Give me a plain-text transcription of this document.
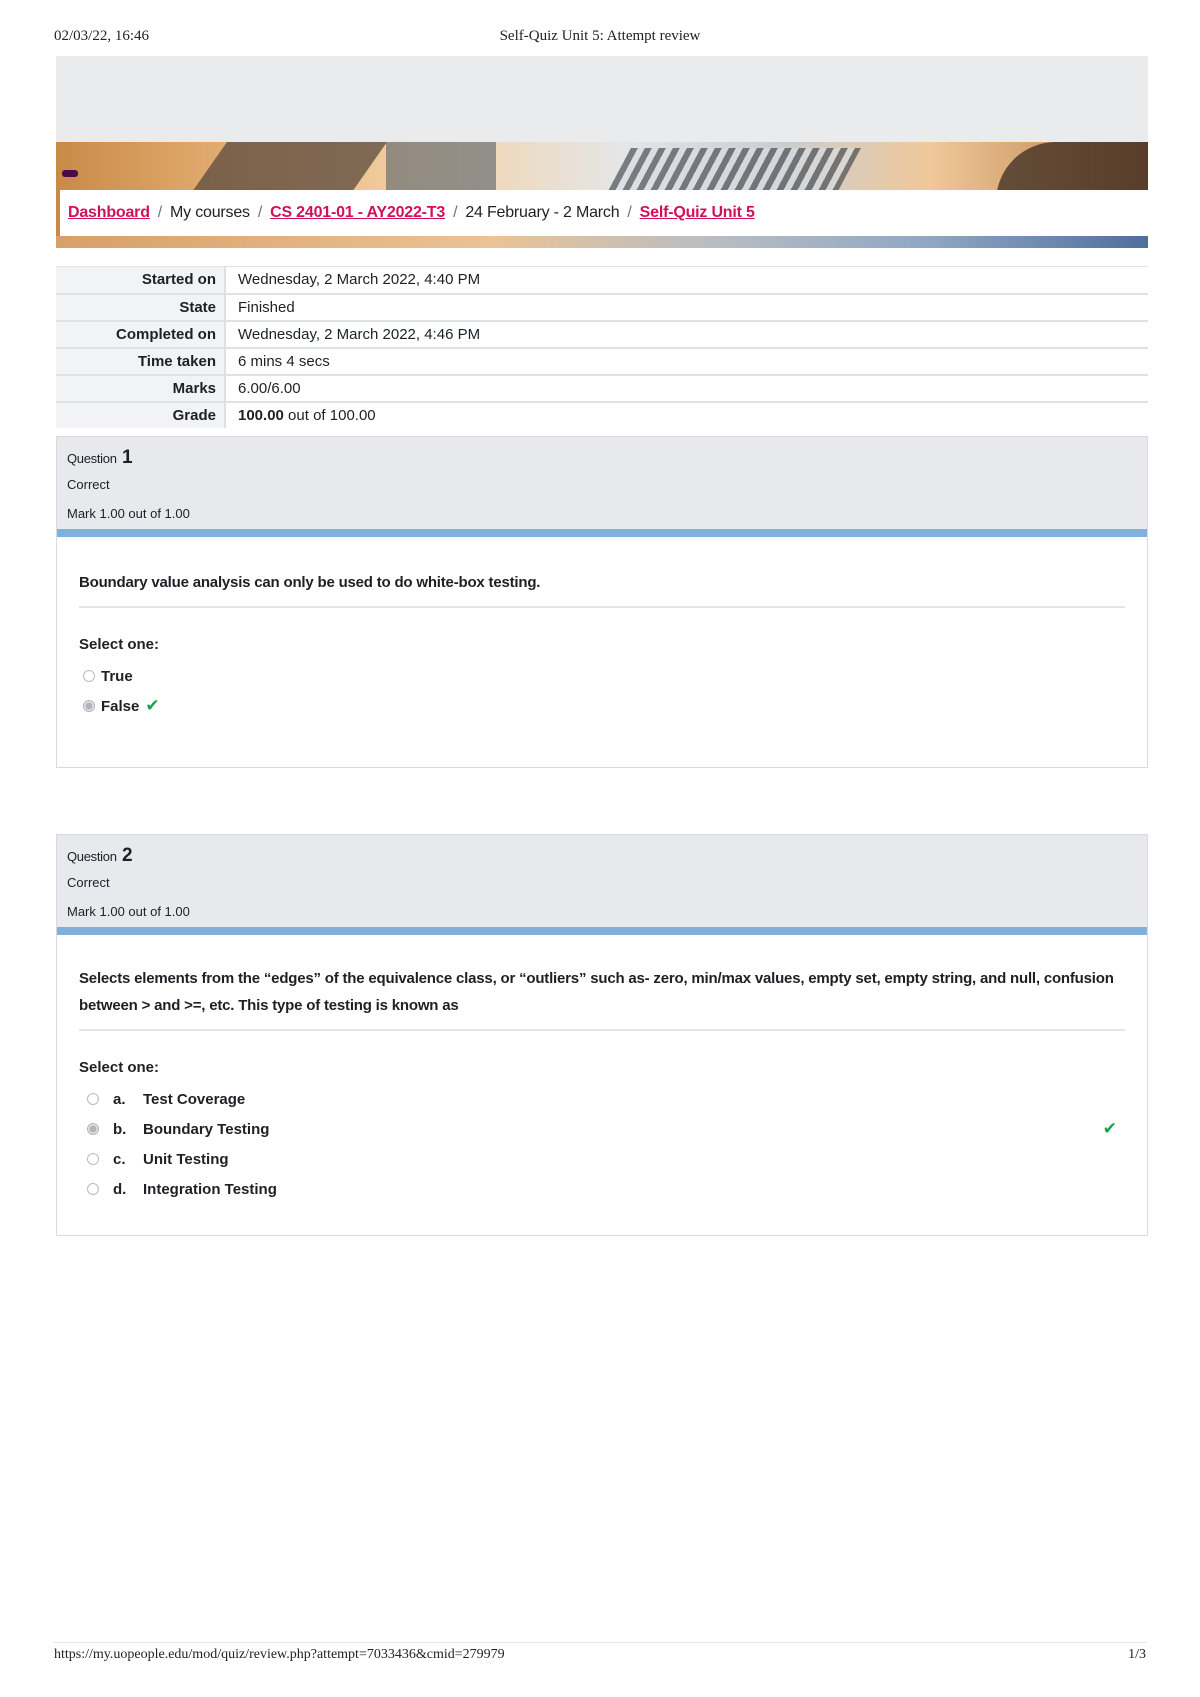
02/03/22, 16:46	Self-Quiz Unit 5: Attempt review
Dashboard / My courses / CS 2401-01 - AY2022-T3 / 24 February - 2 March / Self-Quiz Unit 5
Started on	Wednesday, 2 March 2022, 4:40 PM
State	Finished
Completed on	Wednesday, 2 March 2022, 4:46 PM
Time taken	6 mins 4 secs
Marks	6.00/6.00
Grade	100.00 out of 100.00
Question 1
Correct
Mark 1.00 out of 1.00
Boundary value analysis can only be used to do white-box testing.
Select one:
True
False ✔
Question 2
Correct
Mark 1.00 out of 1.00
Selects elements from the “edges” of the equivalence class, or “outliers” such as- zero, min/max values, empty set, empty string, and null, confusion between > and >=, etc. This type of testing is known as
Select one:
a.	Test Coverage
b.	Boundary Testing	✔
c.	Unit Testing
d.	Integration Testing
https://my.uopeople.edu/mod/quiz/review.php?attempt=7033436&cmid=279979	1/3
